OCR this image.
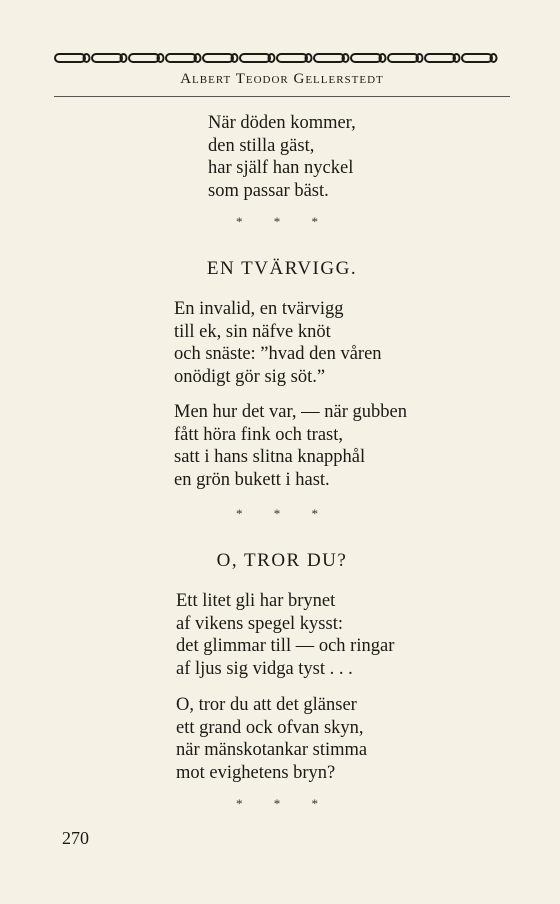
Albert Teodor Gellerstedt
När döden kommer,
den stilla gäst,
har själf han nyckel
som passar bäst.
* * *
EN TVÄRVIGG.
En invalid, en tvärvigg
till ek, sin näfve knöt
och snäste: ”hvad den våren
onödigt gör sig söt.”
Men hur det var, — när gubben
fått höra fink och trast,
satt i hans slitna knapphål
en grön bukett i hast.
* * *
O, TROR DU?
Ett litet gli har brynet
af vikens spegel kysst:
det glimmar till — och ringar
af ljus sig vidga tyst . . .
O, tror du att det glänser
ett grand ock ofvan skyn,
när mänskotankar stimma
mot evighetens bryn?
* * *
270
